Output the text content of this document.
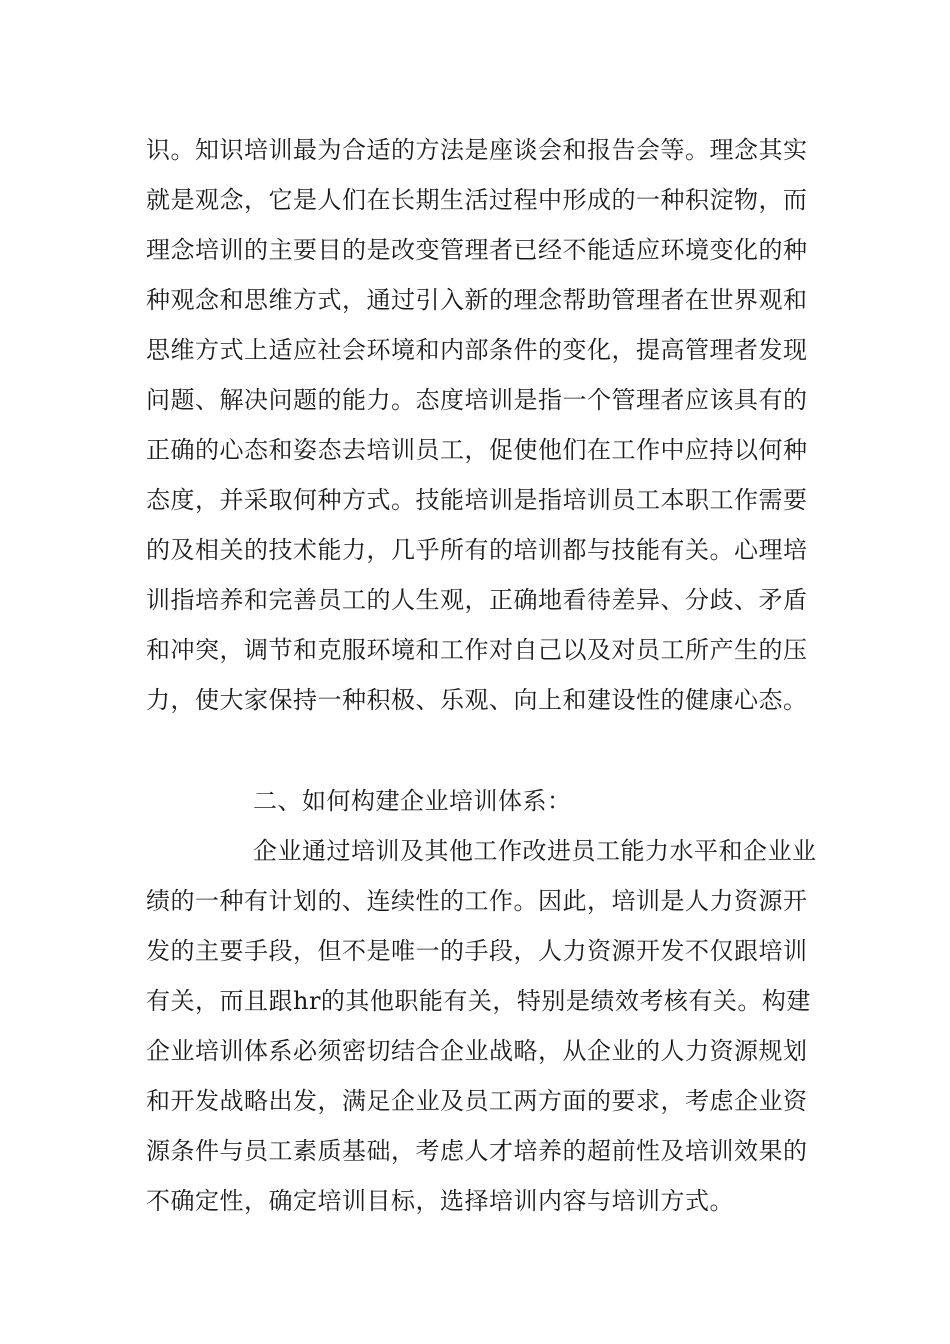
识。知识培训最为合适的方法是座谈会和报告会等。理念其实
就是观念，它是人们在长期生活过程中形成的一种积淀物，而
理念培训的主要目的是改变管理者已经不能适应环境变化的种
种观念和思维方式，通过引入新的理念帮助管理者在世界观和
思维方式上适应社会环境和内部条件的变化，提高管理者发现
问题、解决问题的能力。态度培训是指一个管理者应该具有的
正确的心态和姿态去培训员工，促使他们在工作中应持以何种
态度，并采取何种方式。技能培训是指培训员工本职工作需要
的及相关的技术能力，几乎所有的培训都与技能有关。心理培
训指培养和完善员工的人生观，正确地看待差异、分歧、矛盾
和冲突，调节和克服环境和工作对自己以及对员工所产生的压
力，使大家保持一种积极、乐观、向上和建设性的健康心态。
二、如何构建企业培训体系：
企业通过培训及其他工作改进员工能力水平和企业业
绩的一种有计划的、连续性的工作。因此，培训是人力资源开
发的主要手段，但不是唯一的手段，人力资源开发不仅跟培训
有关，而且跟hr的其他职能有关，特别是绩效考核有关。构建
企业培训体系必须密切结合企业战略，从企业的人力资源规划
和开发战略出发，满足企业及员工两方面的要求，考虑企业资
源条件与员工素质基础，考虑人才培养的超前性及培训效果的
不确定性，确定培训目标，选择培训内容与培训方式。
